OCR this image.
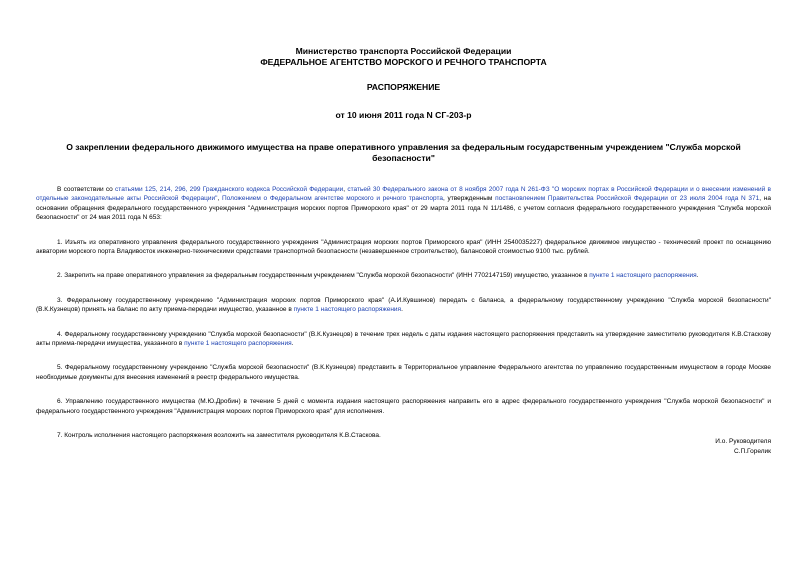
Министерство транспорта Российской Федерации
ФЕДЕРАЛЬНОЕ АГЕНТСТВО МОРСКОГО И РЕЧНОГО ТРАНСПОРТА
РАСПОРЯЖЕНИЕ
от 10 июня 2011 года N СГ-203-р
О закреплении федерального движимого имущества на праве оперативного управления за федеральным государственным учреждением "Служба морской безопасности"

В соответствии со статьями 125, 214, 296, 299 Гражданского кодекса Российской Федерации, статьей 30 Федерального закона от 8 ноября 2007 года N 261-ФЗ "О морских портах в Российской Федерации и о внесении изменений в отдельные законодательные акты Российской Федерации", Положением о Федеральном агентстве морского и речного транспорта, утвержденным постановлением Правительства Российской Федерации от 23 июля 2004 года N 371, на основании обращения федерального государственного учреждения "Администрация морских портов Приморского края" от 29 марта 2011 года N 11/1486, с учетом согласия федерального государственного учреждения "Служба морской безопасности" от 24 мая 2011 года N 653:

1. Изъять из оперативного управления федерального государственного учреждения "Администрация морских портов Приморского края" (ИНН 2540035227) федеральное движимое имущество - технический проект по оснащению акватории морского порта Владивосток инженерно-техническими средствами транспортной безопасности (незавершенное строительство), балансовой стоимостью 9100 тыс. рублей.

2. Закрепить на праве оперативного управления за федеральным государственным учреждением "Служба морской безопасности" (ИНН 7702147159) имущество, указанное в пункте 1 настоящего распоряжения.

3. Федеральному государственному учреждению "Администрация морских портов Приморского края" (А.И.Кувшинов) передать с баланса, а федеральному государственному учреждению "Служба морской безопасности" (В.К.Кузнецов) принять на баланс по акту приема-передачи имущество, указанное в пункте 1 настоящего распоряжения.

4. Федеральному государственному учреждению "Служба морской безопасности" (В.К.Кузнецов) в течение трех недель с даты издания настоящего распоряжения представить на утверждение заместителю руководителя К.В.Стаскову акты приема-передачи имущества, указанного в пункте 1 настоящего распоряжения.

5. Федеральному государственному учреждению "Служба морской безопасности" (В.К.Кузнецов) представить в Территориальное управление Федерального агентства по управлению государственным имуществом в городе Москве необходимые документы для внесения изменений в реестр федерального имущества.

6. Управлению государственного имущества (М.Ю.Дробин) в течение 5 дней с момента издания настоящего распоряжения направить его в адрес федерального государственного учреждения "Служба морской безопасности" и федерального государственного учреждения "Администрация морских портов Приморского края" для исполнения.

7. Контроль исполнения настоящего распоряжения возложить на заместителя руководителя К.В.Стаскова.

И.о. Руководителя
С.П.Горелик
